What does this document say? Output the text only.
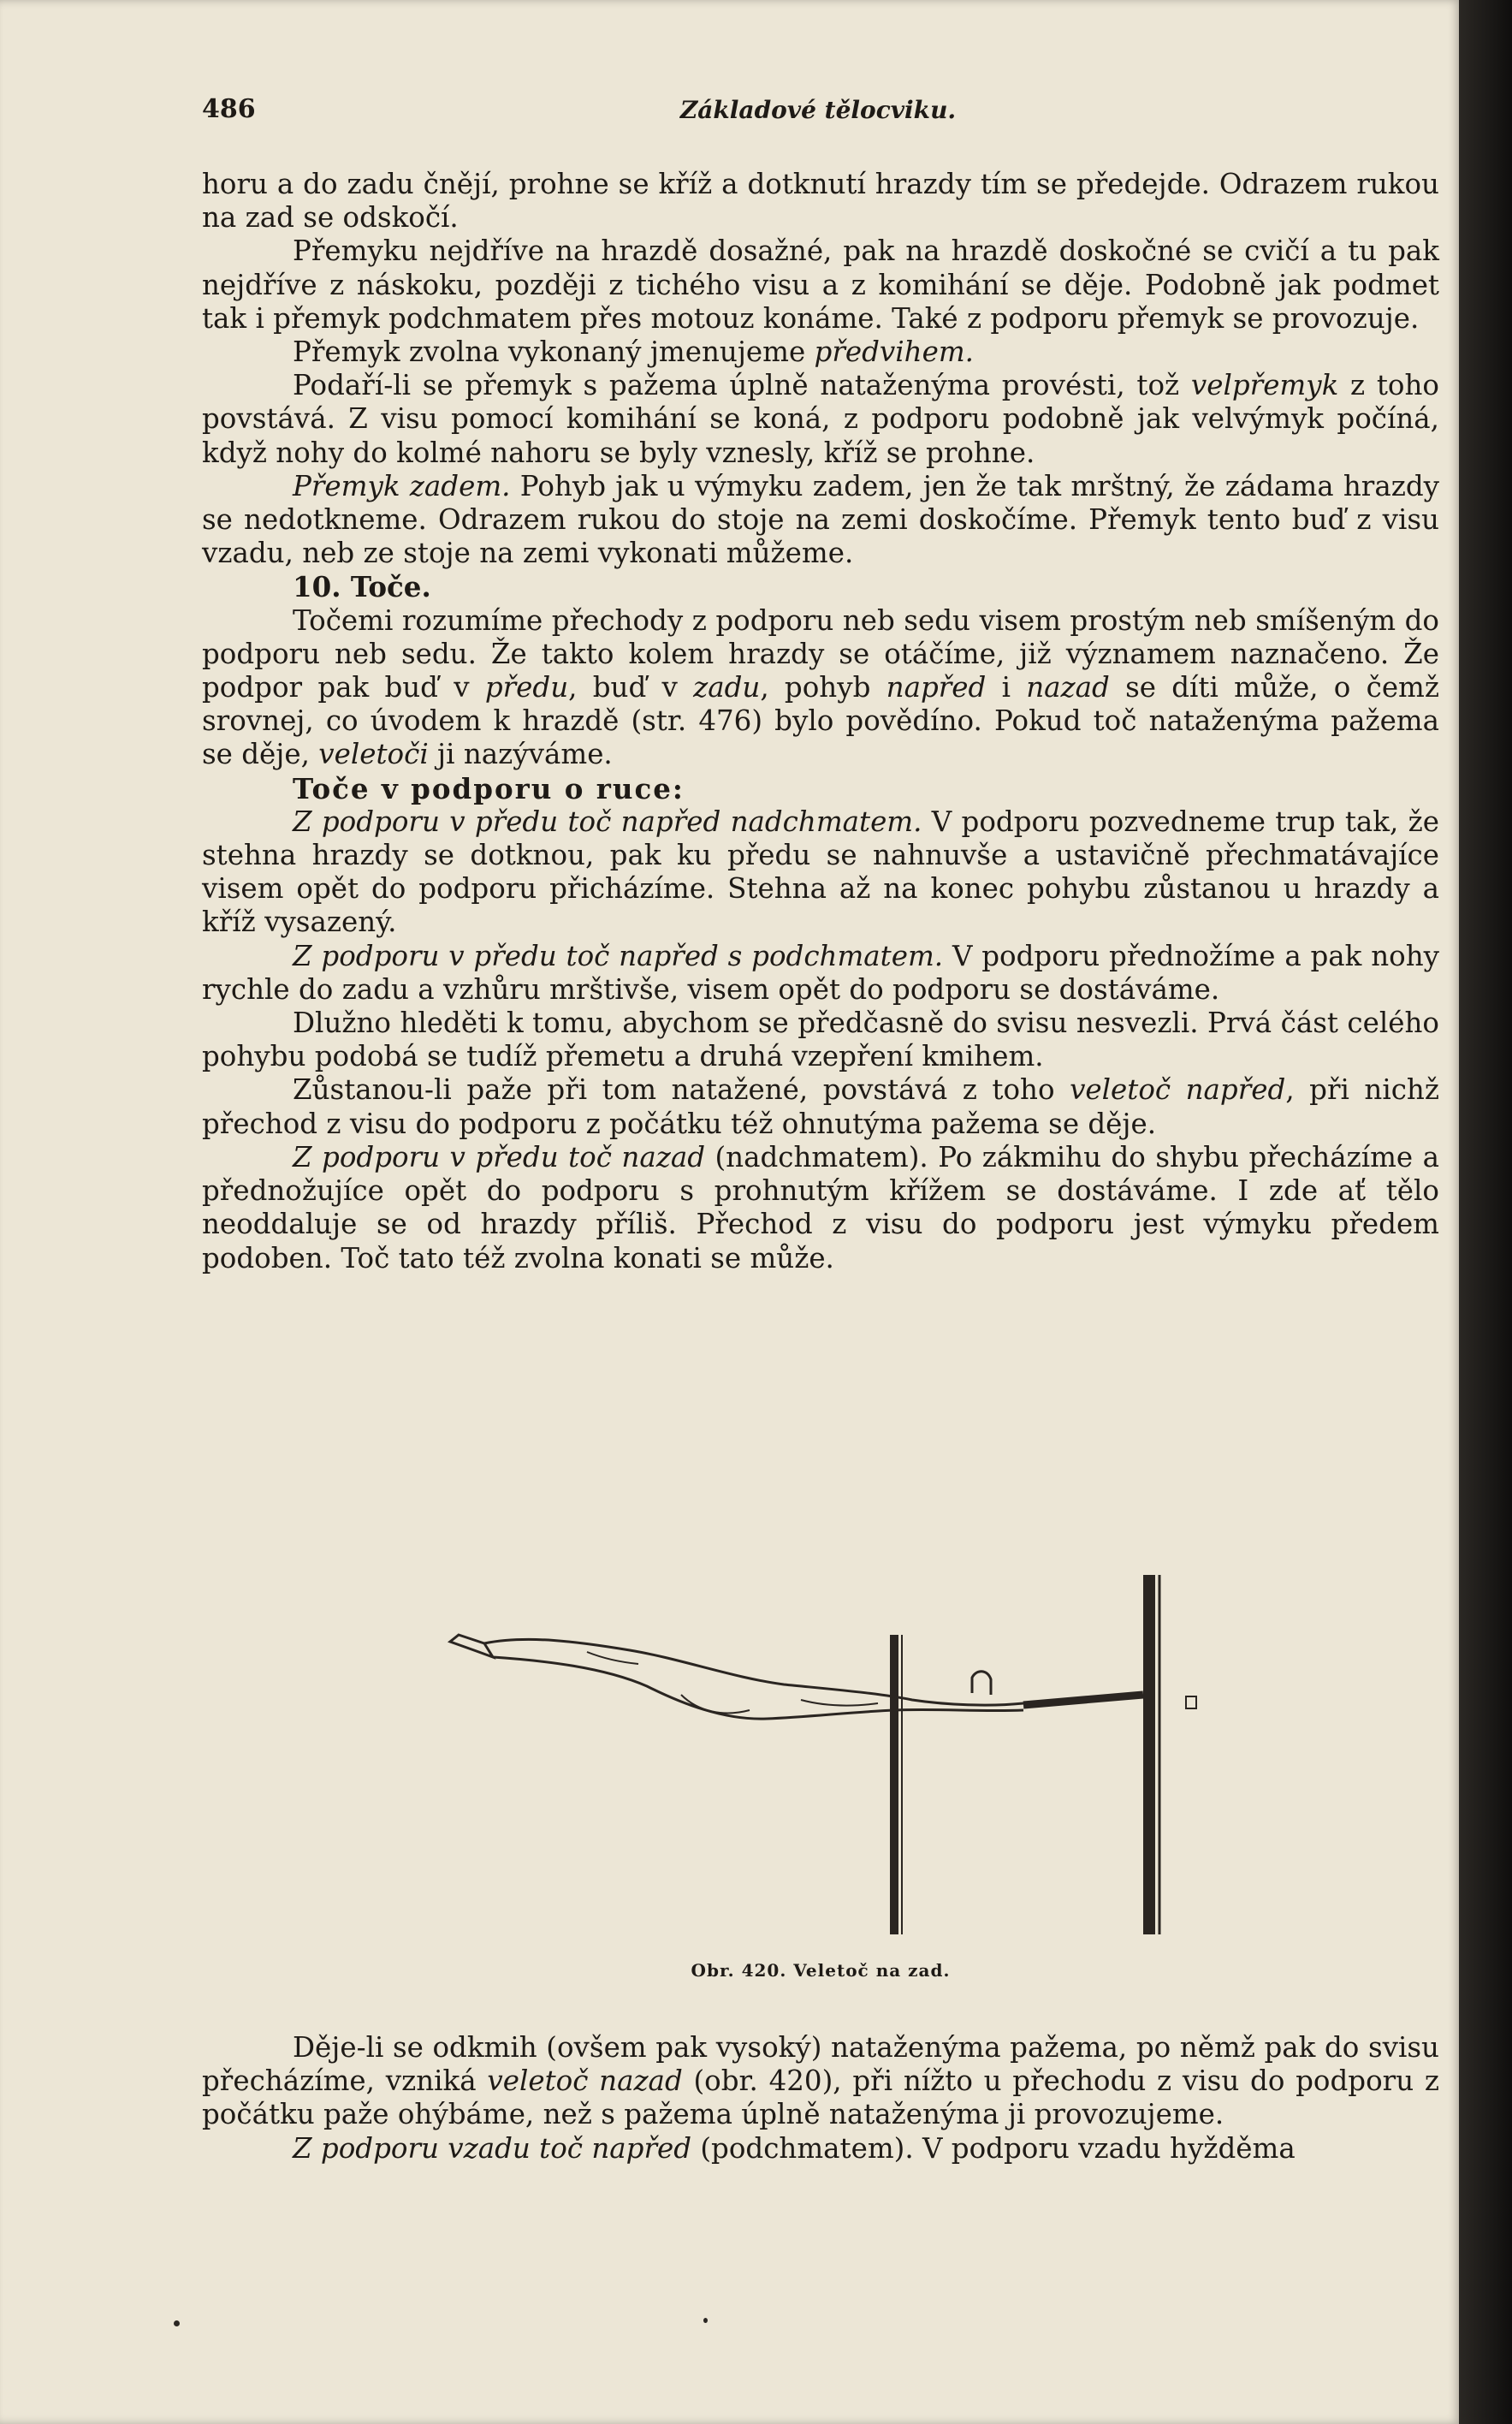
486	Základové tělocviku.

horu a do zadu čnějí, prohne se kříž a dotknutí hrazdy tím se předejde. Odrazem rukou na zad se odskočí.

Přemyku nejdříve na hrazdě dosažné, pak na hrazdě doskočné se cvičí a tu pak nejdříve z náskoku, později z tichého visu a z komihání se děje. Podobně jak podmet tak i přemyk podchmatem přes motouz konáme. Také z podporu přemyk se provozuje.

Přemyk zvolna vykonaný jmenujeme předvihem.

Podaří-li se přemyk s pažema úplně nataženýma provésti, tož velpřemyk z toho povstává. Z visu pomocí komihání se koná, z podporu podobně jak velvýmyk počíná, když nohy do kolmé nahoru se byly vznesly, kříž se prohne.

Přemyk zadem. Pohyb jak u výmyku zadem, jen že tak mrštný, že zádama hrazdy se nedotkneme. Odrazem rukou do stoje na zemi doskočíme. Přemyk tento buď z visu vzadu, neb ze stoje na zemi vykonati můžeme.

10. Toče.

Točemi rozumíme přechody z podporu neb sedu visem prostým neb smíšeným do podporu neb sedu. Že takto kolem hrazdy se otáčíme, již významem naznačeno. Že podpor pak buď v předu, buď v zadu, pohyb napřed i nazad se díti může, o čemž srovnej, co úvodem k hrazdě (str. 476) bylo povědíno. Pokud toč nataženýma pažema se děje, veletoči ji nazýváme.

Toče v podporu o ruce:

Z podporu v předu toč napřed nadchmatem. V podporu pozvedneme trup tak, že stehna hrazdy se dotknou, pak ku předu se nahnuvše a ustavičně přechmatávajíce visem opět do podporu přicházíme. Stehna až na konec pohybu zůstanou u hrazdy a kříž vysazený.

Z podporu v předu toč napřed s podchmatem. V podporu přednožíme a pak nohy rychle do zadu a vzhůru mrštivše, visem opět do podporu se dostáváme.

Dlužno hleděti k tomu, abychom se předčasně do svisu nesvezli. Prvá část celého pohybu podobá se tudíž přemetu a druhá vzepření kmihem.

Zůstanou-li paže při tom natažené, povstává z toho veletoč napřed, při nichž přechod z visu do podporu z počátku též ohnutýma pažema se děje.

Z podporu v předu toč nazad (nadchmatem). Po zákmihu do shybu přecházíme a přednožujíce opět do podporu s prohnutým křížem se dostáváme. I zde ať tělo neoddaluje se od hrazdy příliš. Přechod z visu do podporu jest výmyku předem podoben. Toč tato též zvolna konati se může.

Obr. 420. Veletoč na zad.

Děje-li se odkmih (ovšem pak vysoký) nataženýma pažema, po němž pak do svisu přecházíme, vzniká veletoč nazad (obr. 420), při nížto u přechodu z visu do podporu z počátku paže ohýbáme, než s pažema úplně nataženýma ji provozujeme.

Z podporu vzadu toč napřed (podchmatem). V podporu vzadu hyžděma
